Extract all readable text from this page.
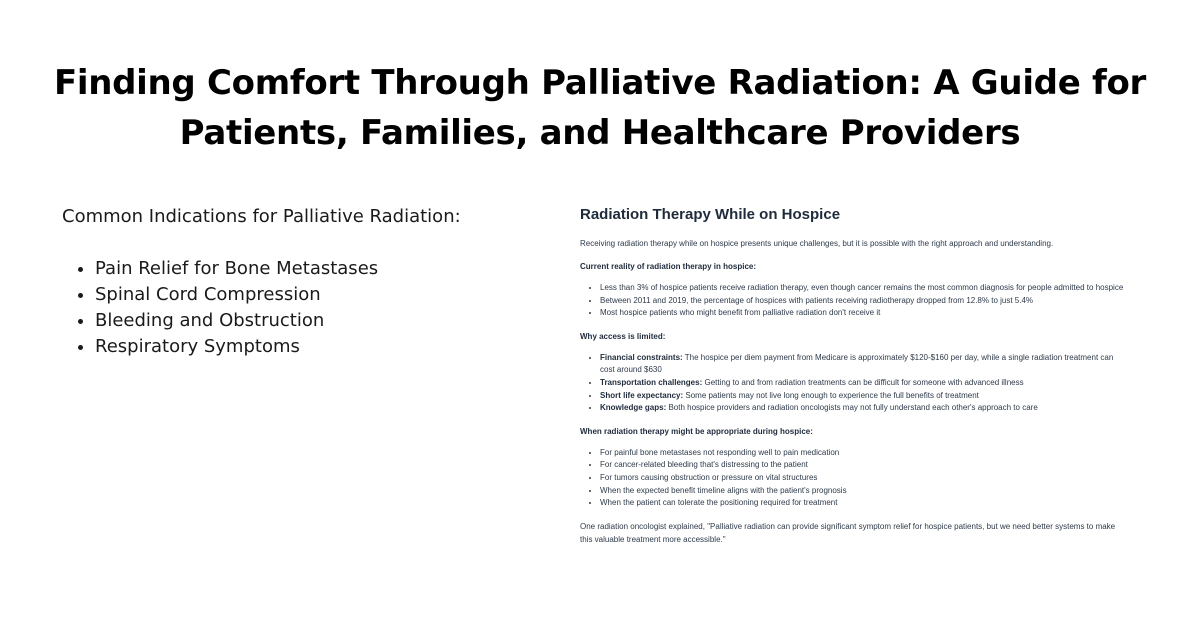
Finding Comfort Through Palliative Radiation: A Guide for Patients, Families, and Healthcare Providers

Common Indications for Palliative Radiation:

• Pain Relief for Bone Metastases
• Spinal Cord Compression
• Bleeding and Obstruction
• Respiratory Symptoms
Radiation Therapy While on Hospice

Receiving radiation therapy while on hospice presents unique challenges, but it is possible with the right approach and understanding.

Current reality of radiation therapy in hospice:

• Less than 3% of hospice patients receive radiation therapy, even though cancer remains the most common diagnosis for people admitted to hospice
• Between 2011 and 2019, the percentage of hospices with patients receiving radiotherapy dropped from 12.8% to just 5.4%
• Most hospice patients who might benefit from palliative radiation don't receive it

Why access is limited:

• Financial constraints: The hospice per diem payment from Medicare is approximately $120-$160 per day, while a single radiation treatment can cost around $630
• Transportation challenges: Getting to and from radiation treatments can be difficult for someone with advanced illness
• Short life expectancy: Some patients may not live long enough to experience the full benefits of treatment
• Knowledge gaps: Both hospice providers and radiation oncologists may not fully understand each other's approach to care

When radiation therapy might be appropriate during hospice:

• For painful bone metastases not responding well to pain medication
• For cancer-related bleeding that's distressing to the patient
• For tumors causing obstruction or pressure on vital structures
• When the expected benefit timeline aligns with the patient's prognosis
• When the patient can tolerate the positioning required for treatment

One radiation oncologist explained, "Palliative radiation can provide significant symptom relief for hospice patients, but we need better systems to make this valuable treatment more accessible."
